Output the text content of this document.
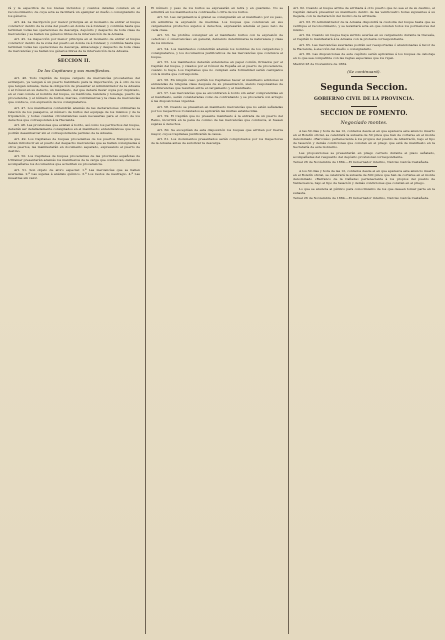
rá y la especifica de los bienes incluidos y cuantos detalles consten en el reconocimiento; de cuya acta se facilitará un ejemplar al dueño o consignatario de los géneros.

Art. 44. La inscripción por menor principia en el momento de entrar el buque conductor dentro de la zona del puerto en donde va á fondear, y continúa hasta que terminen todas las operaciones de descarga, depósito y despacho de toda clase de mercancías y se hallen los géneros libres de la intervención de la Aduana.

Art. 45. La inspección por menor principia en el momento de entrar el buque conductor dentro de la zona del puerto en donde va á fondear, y continúa hasta que terminen todas las operaciones de descarga, almacenaje y despacho de toda clase de mercancías y se hallen los géneros libres de la intervención de la Aduana.

SECCION II.
De los Capitanes y sus manifiestos.

Art. 46. Todo Capitán de buque cargado de mercancías procedentes del extranjero, ya vengan á un puerto habilitado para la importación, ya á otro de los que tengan Aduana, tiene la obligación de presentar al Administrador de la Aduana ó al Cónsul en su defecto, un manifiesto, del que deberá llevar copia por duplicado, en el cual conste el nombre del buque, su matrícula, bandera y tonelaje, puerto de procedencia, y el número de bultos, marcas, contramarcas y la clase de mercancías que conduce, con expresión de los consignatarios.

Art. 47. Los manifiestos contendrán además de las declaraciones ordinarias la relación de los pasajeros, el número de bultos del equipaje de los mismos y de la tripulación, y todas cuantas circunstancias sean necesarias para el cobro de los derechos que corresponden á la Hacienda.

Art. 48. Las provisiones que existan á bordo, así como los pertrechos del buque, deberán ser detalladamente consignados en el manifiesto; entendiéndose que no se podrán desembarcar sin el correspondiente permiso de la Aduana.

Art. 49. Los Capitanes de buques procedentes de los puertos franquicia que deban introducir en el puerto del despacho mercancías que se hallan consignadas á otros puertos, las manifestarán en documento separado, expresando el puerto de destino.

Art. 50. Los Capitanes de buques procedentes de las provincias españolas de Ultramar presentarán además los manifiestos de la carga que conduzcan, debiendo acompañarse los documentos que acrediten su procedencia.

Art. 51. Son objeto de aforo especial: 1.º Las mercancías que se hallen averiadas. 2.º Las sujetas á análisis químico. 3.º Los restos de naufragio. 4.º Las muestras sin valor.

El número y peso de los bultos se expresarán en letra y en guarismo. No se admitirá en los manifiestos la contraseña ó cifra de los bultos.

Art. 52. Las cargamentos á granel se consignarán en el manifiesto por su peso, sin admitirse la expresión de medidas. Los buques que conduzcan en sus cargamentos productos sujetos á derechos, expresarán además el peso neto de cada clase.

Art. 53. Se prohíbe consignar en el manifiesto bultos con la expresión de «efectos» ó «mercancías» en general, debiendo determinarse la naturaleza y clase de los mismos.

Art. 54. Los manifiestos contendrán además los nombres de los cargadores y consignatarios, y los documentos justificativos de las mercancías que conduzca el buque.

Art. 55. Los manifiestos deberán extenderse en papel común, firmados por el Capitán del buque, y visados por el Cónsul de España en el puerto de procedencia, cuando lo haya. Los Capitanes que no cumplan esta formalidad serán castigados con la multa que corresponda.

Art. 56. En ningún caso podrán los Capitanes hacer al manifiesto adiciones ni enmiendas de ninguna clase después de su presentación, siendo responsables de las diferencias que resulten entre el cargamento y el manifiesto.

Art. 57. Las mercancías que se encontraren á bordo sin estar comprendidas en el manifiesto, serán consideradas como de contrabando y se procederá con arreglo á las disposiciones vigentes.

Art. 58. Cuando se presenten en manifiesto mercancías que no estén señaladas por los respectivos Consulados se aplicarán las multas establecidas.

Art. 59. El Capitán que no presente manifiesto á la entrada de un puerto del Reino, incurrirá en la pena de comiso de las mercancías que conduzca, si fuesen sujetas á derechos.

Art. 60. Se exceptúan de esta disposición los buques que arriben por fuerza mayor, cuyos Capitanes justificarán la causa.

Art. 61. Los documentos presentados serán comprobados por los Inspectores de la Aduana antes de autorizar la descarga.

Art. 62. Cuando el buque arribe de arribada á otro puerto que no sea el de su destino, el Capitán deberá presentar su manifiesto dentro de las veinticuatro horas siguientes á su llegada, con la declaración del motivo de la arribada.

Art. 63. El Administrador de la Aduana dispondrá la custodia del buque hasta que se verifique el reconocimiento, y se levantará acta en que consten todos los pormenores del mismo.

Art. 64. Cuando un buque haya sufrido averías en su cargamento durante la travesía, el Capitán lo manifestará á la Aduana con la protesta correspondiente.

Art. 65. Las mercancías averiadas podrán ser reexportadas ó abandonadas á favor de la Hacienda, á elección del dueño o consignatario.

Art. 66. Las disposiciones de este capítulo serán aplicables á los buques de cabotaje en lo que sea compatible con las reglas especiales que los rigen.

Madrid 28 de Noviembre de 1884.

(Se continuará).
Segunda Seccion.
GOBIERNO CIVIL DE LA PROVINCIA.
SECCION DE FOMENTO.
Negociado montes.

A las 30 dias y hora de las 12, contados desde el en que aparezca este anuncio inserto en el Boletín oficial, se celebrará la subasta de 30 pinos que han de cortarse en el monte denominado «Barcolés» perteneciente á los propios del pueblo de Albarracín, bajo el tipo de tasación y demás condiciones que constan en el pliego que está de manifiesto en la Secretaría de este Gobierno.

Las proposiciones se presentarán en pliego cerrado durante el plazo señalado, acompañadas del resguardo del depósito provisional correspondiente.

Teruel 26 de Noviembre de 1884.—El Gobernador interino, Narciso García Castañeda.

A los 30 dias y hora de las 12, contados desde el en que aparezca este anuncio inserto en el Boletín oficial, se celebrará la subasta de 300 pinos que han de cortarse en el monte denominado «Barranco de la Cañada» perteneciente á los propios del pueblo de Valdecuenca, bajo el tipo de tasación y demás condiciones que constan en el pliego.

Lo que se anuncia al público para conocimiento de los que deseen tomar parte en la subasta.

Teruel 26 de Noviembre de 1884.—El Gobernador interino, Narciso García Castañeda.
